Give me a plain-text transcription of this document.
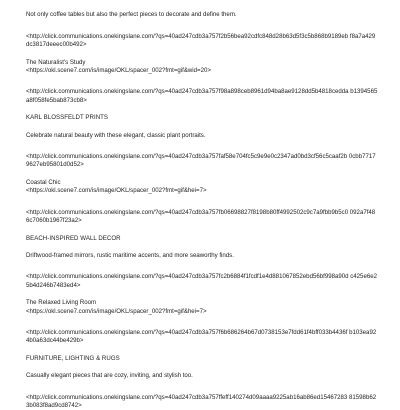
Not only coffee tables but also the perfect pieces to decorate and define them.

<http://click.communications.onekingslane.com/?qs=40ad247cdb3a757f2b56bea92cdfc848d28b63d5f3c5b868b9189eb f8a7a429dc3817deeec00b492>

The Naturalist's Study

<https://okl.scene7.com/is/image/OKL/spacer_002?fmt=gif&wid=20>

<http://click.communications.onekingslane.com/?qs=40ad247cdb3a757f98a898ceb8961d94ba8ae9128dd5b4818cedda b1394565a8f058fe5bab873cb8>

KARL BLOSSFELDT PRINTS

Celebrate natural beauty with these elegant, classic plant portraits.

<http://click.communications.onekingslane.com/?qs=40ad247cdb3a757faf58e704fc5c9e9e0c2347ad0bd3cf56c5caaf2b 0cbb77179627eb95801d0d52>

Coastal Chic

<https://okl.scene7.com/is/image/OKL/spacer_002?fmt=gif&hei=7>

<http://click.communications.onekingslane.com/?qs=40ad247cdb3a757fb06698827f8198b80ff4992502c9c7a9fbb9b5c0 092a7f486c7060b1967f23a2>

BEACH-INSPIRED WALL DECOR

Driftwood-framed mirrors, rustic maritime accents, and more seaworthy finds.

<http://click.communications.onekingslane.com/?qs=40ad247cdb3a757fc2b6884f1fcdf1e4d881067852ebd56bf998a90d c425e6e25b4d246b7483ed4>

The Relaxed Living Room

<https://okl.scene7.com/is/image/OKL/spacer_002?fmt=gif&hei=7>

<http://click.communications.onekingslane.com/?qs=40ad247cdb3a757f6b686264b67d0738153e7fdd61f4bff033b4436f b103ea924b0a63dc44be429b>

FURNITURE, LIGHTING & RUGS

Casually elegant pieces that are cozy, inviting, and stylish too.

<http://click.communications.onekingslane.com/?qs=40ad247cdb3a757ffeff140274d09aaaa9225ab16ab86ed15467283 81598b623b083f8ad9cd8742>
